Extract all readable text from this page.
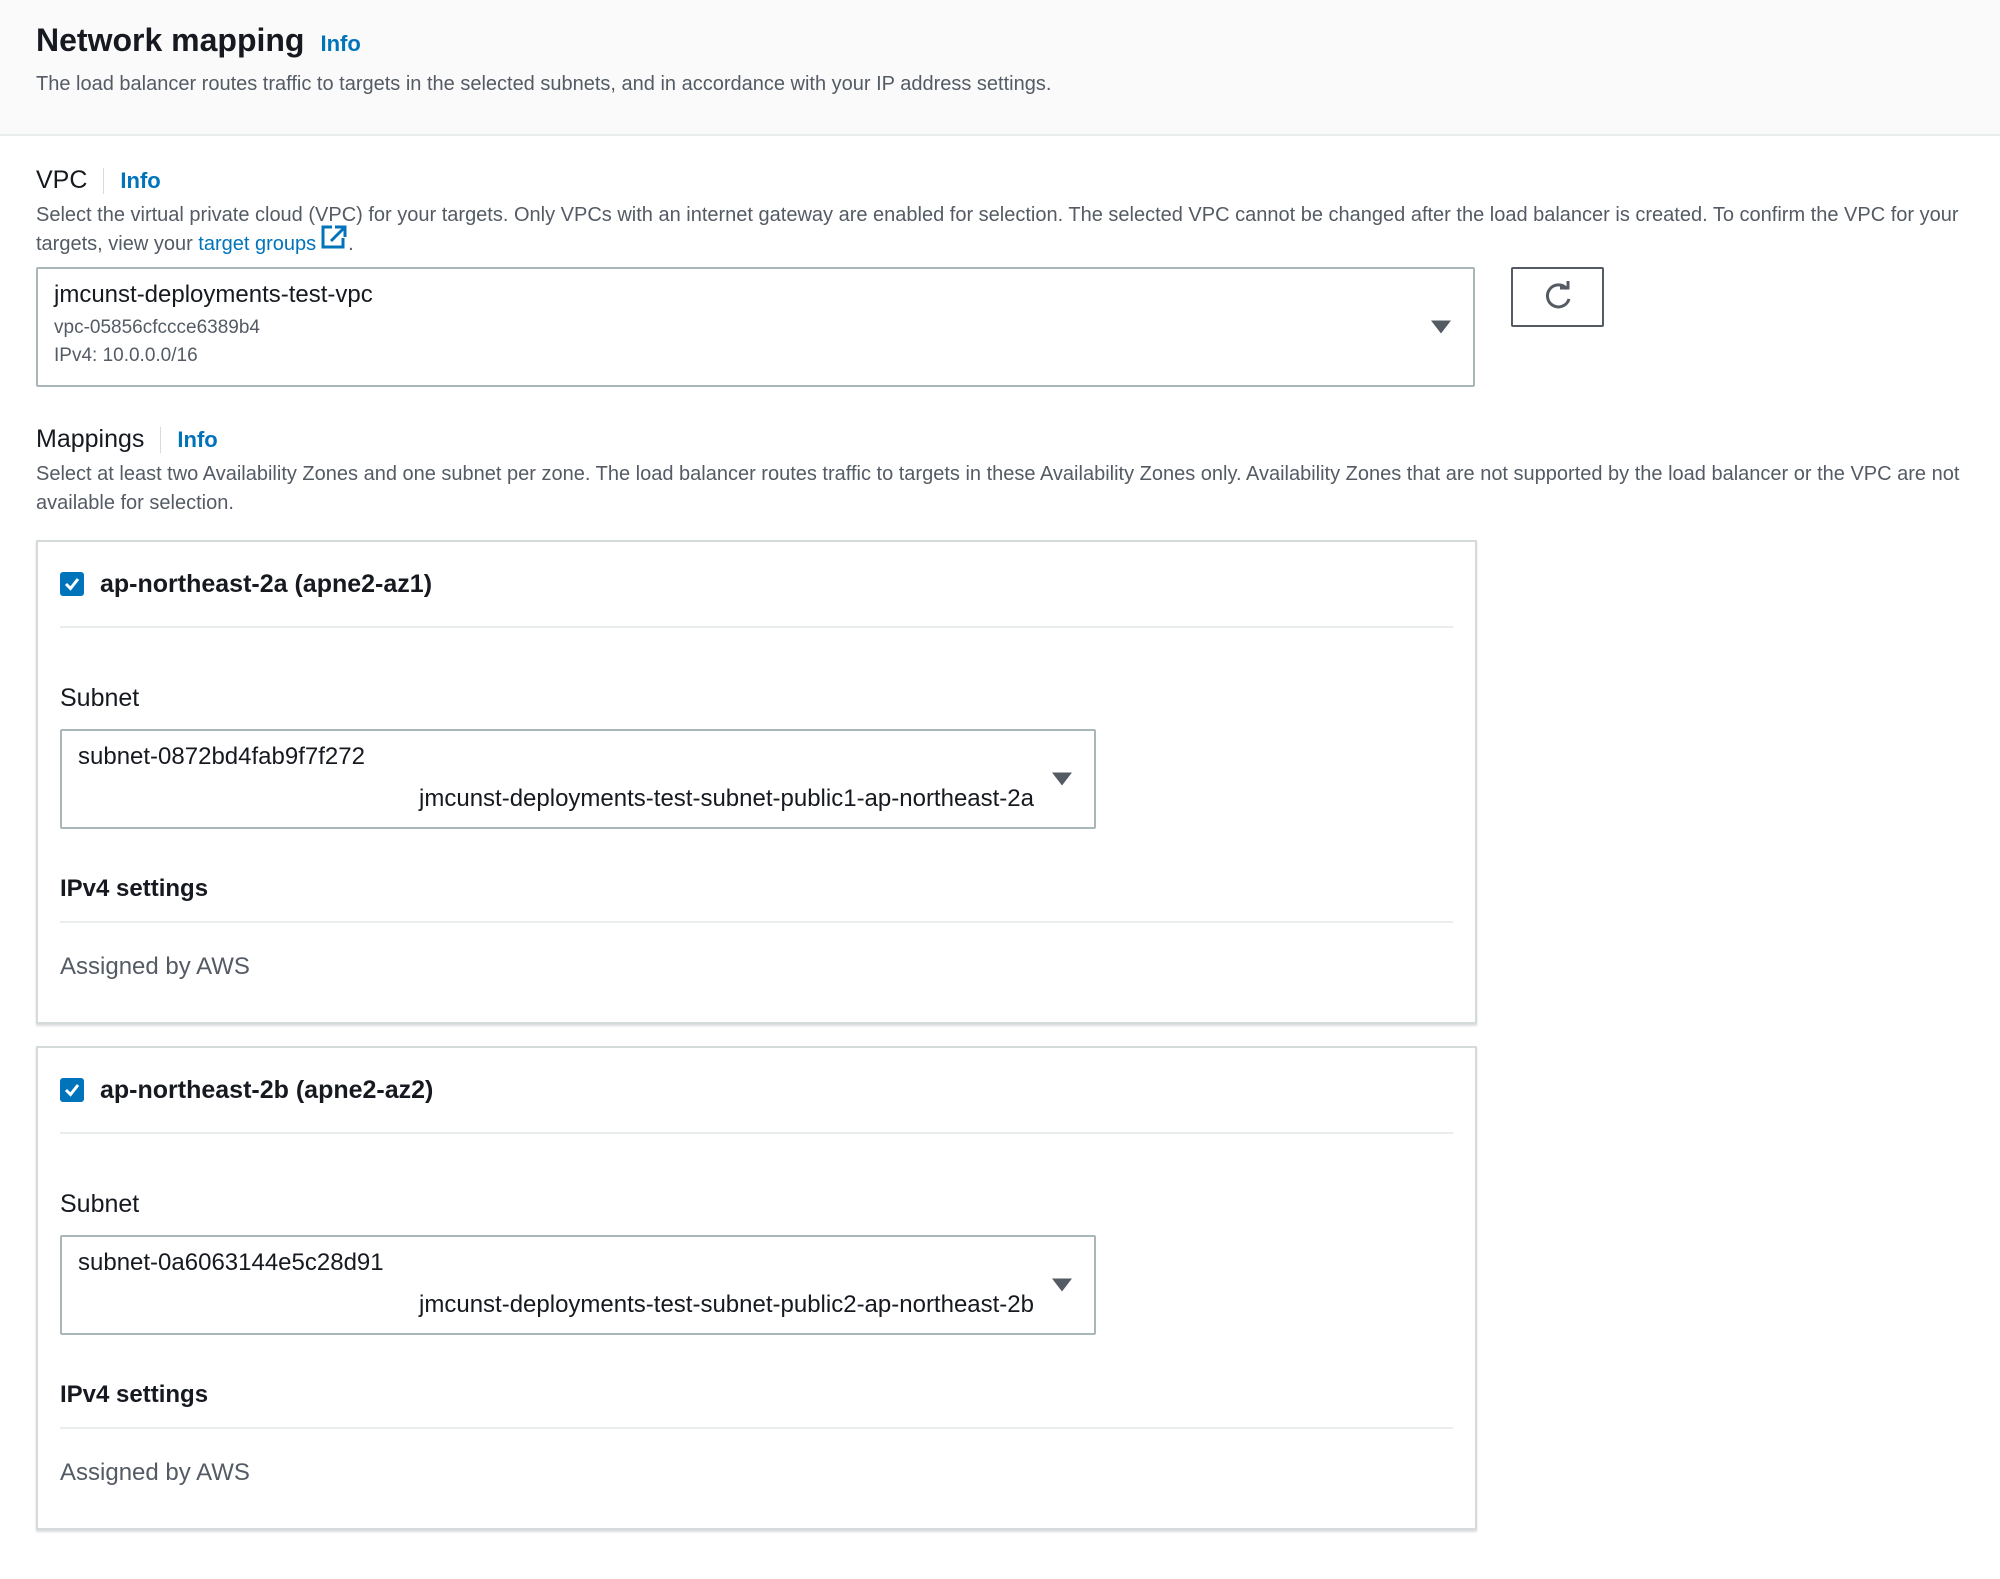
Network mapping Info
The load balancer routes traffic to targets in the selected subnets, and in accordance with your IP address settings.
VPC Info
Select the virtual private cloud (VPC) for your targets. Only VPCs with an internet gateway are enabled for selection. The selected VPC cannot be changed after the load balancer is created. To confirm the VPC for your targets, view your target groups .
jmcunst-deployments-test-vpc
vpc-05856cfccce6389b4
IPv4: 10.0.0.0/16
Mappings Info
Select at least two Availability Zones and one subnet per zone. The load balancer routes traffic to targets in these Availability Zones only. Availability Zones that are not supported by the load balancer or the VPC are not available for selection.
ap-northeast-2a (apne2-az1)
Subnet
subnet-0872bd4fab9f7f272
jmcunst-deployments-test-subnet-public1-ap-northeast-2a
IPv4 settings
Assigned by AWS
ap-northeast-2b (apne2-az2)
Subnet
subnet-0a6063144e5c28d91
jmcunst-deployments-test-subnet-public2-ap-northeast-2b
IPv4 settings
Assigned by AWS
